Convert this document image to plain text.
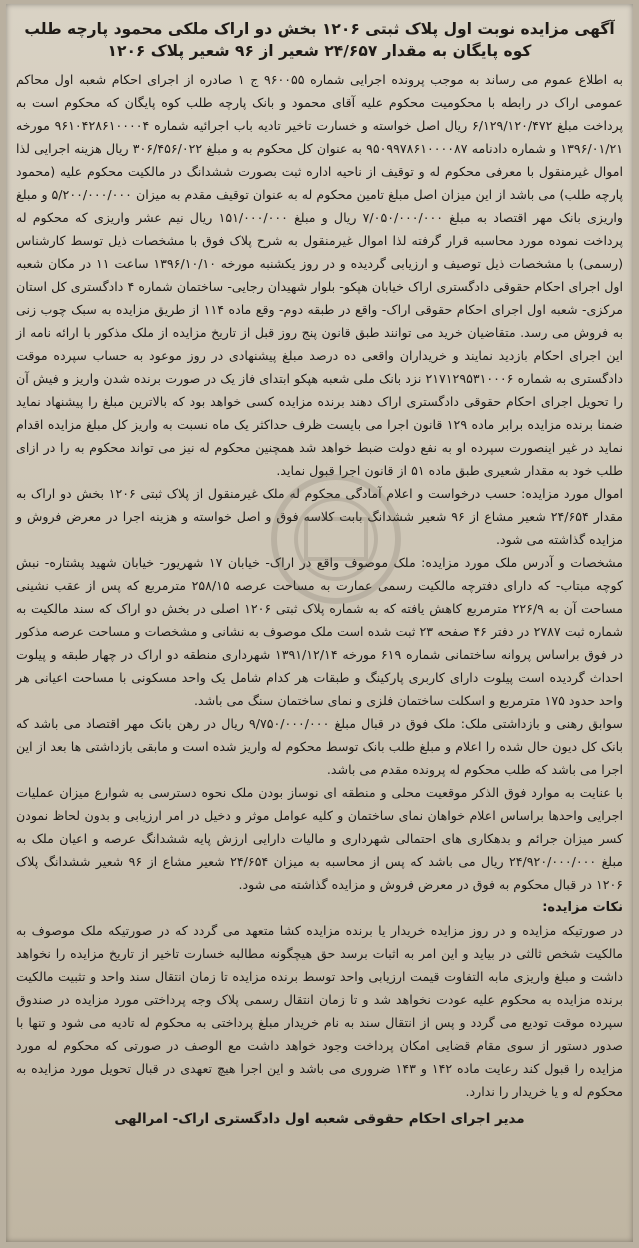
آگهی مزایده نوبت اول پلاک ثبتی ۱۲۰۶ بخش دو اراک ملکی محمود پارچه طلب کوه پایگان به مقدار ۲۴/۶۵۷ شعیر از ۹۶ شعیر پلاک ۱۲۰۶

به اطلاع عموم می رساند به موجب پرونده اجرایی شماره ۹۶۰۰۵۵ ج ۱ صادره از اجرای احکام شعبه اول محاکم عمومی اراک در رابطه با محکومیت محکوم علیه آقای محمود و بانک پارچه طلب کوه پایگان که محکوم است به پرداخت مبلغ ۶/۱۲۹/۱۲۰/۴۷۲ ریال اصل خواسته و خسارت تاخیر تادیه باب اجرائیه شماره ۹۶۱۰۴۲۸۶۱۰۰۰۰۴ مورخه ۱۳۹۶/۰۱/۲۱ و شماره دادنامه ۹۵۰۹۹۷۸۶۱۰۰۰۰۸۷ به عنوان کل محکوم به و مبلغ ۳۰۶/۴۵۶/۰۲۲ ریال هزینه اجرایی لذا اموال غیرمنقول با معرفی محکوم له و توقیف از ناحیه اداره ثبت بصورت ششدانگ در مالکیت محکوم علیه (محمود پارچه طلب) می باشد از این میزان اصل مبلغ تامین محکوم له به عنوان توقیف مقدم به میزان ۵/۲۰۰/۰۰۰/۰۰۰ و مبلغ واریزی بانک مهر اقتصاد به مبلغ ۷/۰۵۰/۰۰۰/۰۰۰ ریال و مبلغ ۱۵۱/۰۰۰/۰۰۰ ریال نیم عشر واریزی که محکوم له پرداخت نموده مورد محاسبه قرار گرفته لذا اموال غیرمنقول به شرح پلاک فوق با مشخصات ذیل توسط کارشناس (رسمی) با مشخصات ذیل توصیف و ارزیابی گردیده و در روز یکشنبه مورخه ۱۳۹۶/۱۰/۱۰ ساعت ۱۱ در مکان شعبه اول اجرای احکام حقوقی دادگستری اراک خیابان هپکو- بلوار شهیدان رجایی- ساختمان شماره ۴ دادگستری کل استان مرکزی- شعبه اول اجرای احکام حقوقی اراک- واقع در طبقه دوم- وقع ماده ۱۱۴ از طریق مزایده به سبک چوب زنی به فروش می رسد. متقاضیان خرید می توانند طبق قانون پنج روز قبل از تاریخ مزایده از ملک مذکور با ارائه نامه از این اجرای احکام بازدید نمایند و خریداران واقعی ده درصد مبلغ پیشنهادی در روز موعود به حساب سپرده موقت دادگستری به شماره ۲۱۷۱۲۹۵۳۱۰۰۰۶ نزد بانک ملی شعبه هپکو ابتدای فاز یک در صورت برنده شدن واریز و فیش آن را تحویل اجرای احکام حقوقی دادگستری اراک دهند برنده مزایده کسی خواهد بود که بالاترین مبلغ را پیشنهاد نماید ضمنا برنده مزایده برابر ماده ۱۲۹ قانون اجرا می بایست ظرف حداکثر یک ماه نسبت به واریز کل مبلغ مزایده اقدام نماید در غیر اینصورت سپرده او به نفع دولت ضبط خواهد شد همچنین محکوم له نیز می تواند محکوم به را در ازای طلب خود به مقدار شعیری طبق ماده ۵۱ از قانون اجرا قبول نماید.

اموال مورد مزایده: حسب درخواست و اعلام آمادگی محکوم له ملک غیرمنقول از پلاک ثبتی ۱۲۰۶ بخش دو اراک به مقدار ۲۴/۶۵۴ شعیر مشاع از ۹۶ شعیر ششدانگ بابت کلاسه فوق و اصل خواسته و هزینه اجرا در معرض فروش و مزایده گذاشته می شود.

مشخصات و آدرس ملک مورد مزایده: ملک موصوف واقع در اراک- خیابان ۱۷ شهریور- خیابان شهید پشتاره- نبش کوچه مبتاب- که دارای دفترچه مالکیت رسمی عمارت به مساحت عرصه ۲۵۸/۱۵ مترمربع که پس از عقب نشینی مساحت آن به ۲۲۶/۹ مترمربع کاهش یافته که به شماره پلاک ثبتی ۱۲۰۶ اصلی در بخش دو اراک که سند مالکیت به شماره ثبت ۲۷۸۷ در دفتر ۴۶ صفحه ۲۳ ثبت شده است ملک موصوف به نشانی و مشخصات و مساحت عرصه مذکور در فوق براساس پروانه ساختمانی شماره ۶۱۹ مورخه ۱۳۹۱/۱۲/۱۴ شهرداری منطقه دو اراک در چهار طبقه و پیلوت احداث گردیده است پیلوت دارای کاربری پارکینگ و طبقات هر کدام شامل یک واحد مسکونی با مساحت اعیانی هر واحد حدود ۱۷۵ مترمربع و اسکلت ساختمان فلزی و نمای ساختمان سنگ می باشد.

سوابق رهنی و بازداشتی ملک: ملک فوق در قبال مبلغ ۹/۷۵۰/۰۰۰/۰۰۰ ریال در رهن بانک مهر اقتصاد می باشد که بانک کل دیون حال شده را اعلام و مبلغ طلب بانک توسط محکوم له واریز شده است و مابقی بازداشتی ها بعد از این اجرا می باشد که طلب محکوم له پرونده مقدم می باشد.

با عنایت به موارد فوق الذکر موقعیت محلی و منطقه ای نوساز بودن ملک نحوه دسترسی به شوارع میزان عملیات اجرایی واحدها براساس اعلام خواهان نمای ساختمان و کلیه عوامل موثر و دخیل در امر ارزیابی و بدون لحاظ نمودن کسر میزان جرائم و بدهکاری های احتمالی شهرداری و مالیات دارایی ارزش پایه ششدانگ عرصه و اعیان ملک به مبلغ ۲۴/۹۲۰/۰۰۰/۰۰۰ ریال می باشد که پس از محاسبه به میزان ۲۴/۶۵۴ شعیر مشاع از ۹۶ شعیر ششدانگ پلاک ۱۲۰۶ در قبال محکوم به فوق در معرض فروش و مزایده گذاشته می شود.

نکات مزایده:

در صورتیکه مزایده و در روز مزایده خریدار یا برنده مزایده کشا متعهد می گردد که در صورتیکه ملک موصوف به مالکیت شخص ثالثی در بیاید و این امر به اثبات برسد حق هیچگونه مطالبه خسارت تاخیر از تاریخ مزایده را نخواهد داشت و مبلغ واریزی مابه التفاوت قیمت ارزیابی واحد توسط برنده مزایده تا زمان انتقال سند واحد و تثبیت مالکیت برنده مزایده به محکوم علیه عودت نخواهد شد و تا زمان انتقال رسمی پلاک وجه پرداختی مورد مزایده در صندوق سپرده موقت تودیع می گردد و پس از انتقال سند به نام خریدار مبلغ پرداختی به محکوم له تادیه می شود و تنها با صدور دستور از سوی مقام قضایی امکان پرداخت وجود خواهد داشت مع الوصف در صورتی که محکوم له مورد مزایده را قبول کند رعایت ماده ۱۴۲ و ۱۴۳ ضروری می باشد و این اجرا هیچ تعهدی در قبال تحویل مورد مزایده به محکوم له و یا خریدار را ندارد.

مدیر اجرای احکام حقوقی شعبه اول دادگستری اراک- امرالهی
